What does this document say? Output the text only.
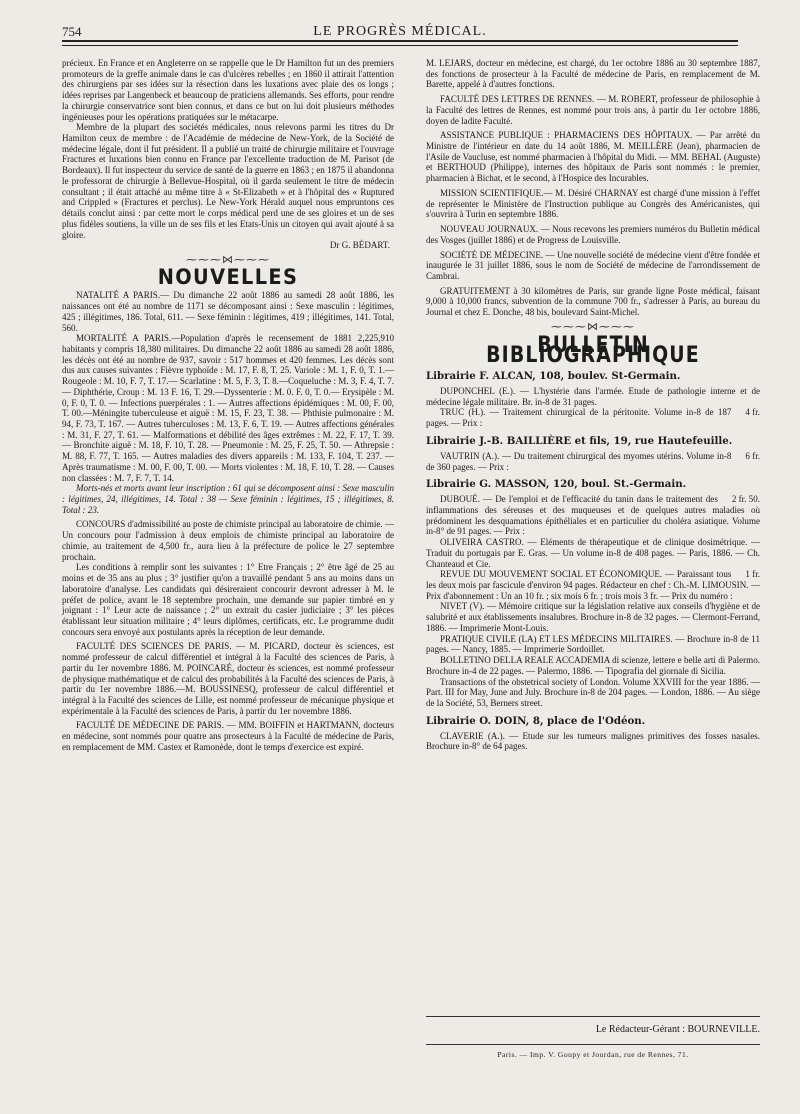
754	LE PROGRÈS MÉDICAL.

précieux. En France et en Angleterre on se rappelle que le Dr Hamilton fut un des premiers promoteurs de la greffe animale dans le cas d'ulcères rebelles ; en 1860 il attirait l'attention des chirurgiens par ses idées sur la résection dans les luxations avec plaie des os longs ; idées reprises par Langenbeck et beaucoup de praticiens allemands. Ses efforts, pour rendre la chirurgie conservatrice sont bien connus, et dans ce but on lui doit plusieurs méthodes ingénieuses pour les opérations pratiquées sur le métacarpe.

Membre de la plupart des sociétés médicales, nous relevons parmi les titres du Dr Hamilton ceux de membre : de l'Académie de médecine de New-York, de la Société de médecine légale, dont il fut président. Il a publié un traité de chirurgie militaire et l'ouvrage Fractures et luxations bien connu en France par l'excellente traduction de M. Parisot (de Bordeaux). Il fut inspecteur du service de santé de la guerre en 1863 ; en 1875 il abandonna le professorat de chirurgie à Bellevue-Hospital, où il garda seulement le titre de médecin consultant ; il était attaché au même titre à « St-Elizabeth » et à l'hôpital des « Ruptured and Crippled » (Fractures et perclus). Le New-York Hérald auquel nous empruntons ces détails conclut ainsi : par cette mort le corps médical perd une de ses gloires et un de ses plus fidèles soutiens, la ville un de ses fils et les Etats-Unis un citoyen qui avait ajouté à sa gloire.

Dr G. BÉDART.

⁓⁓⁓⋈⁓⁓⁓
NOUVELLES

NATALITÉ A PARIS.— Du dimanche 22 août 1886 au samedi 28 août 1886, les naissances ont été au nombre de 1171 se décomposant ainsi : Sexe masculin : légitimes, 425 ; illégitimes, 186. Total, 611. — Sexe féminin : légitimes, 419 ; illégitimes, 141. Total, 560.

MORTALITÉ A PARIS.—Population d'après le recensement de 1881 2,225,910 habitants y compris 18,380 militaires. Du dimanche 22 août 1886 au samedi 28 août 1886, les décès ont été au nombre de 937, savoir : 517 hommes et 420 femmes. Les décès sont dus aux causes suivantes : Fièvre typhoïde : M. 17, F. 8, T. 25. Variole : M. 1, F. 0, T. 1.— Rougeole : M. 10, F. 7, T. 17.— Scarlatine : M. 5, F. 3, T. 8.—Coqueluche : M. 3, F. 4, T. 7. — Diphthérie, Croup : M. 13 F. 16, T. 29.—Dyssenterie : M. 0. F. 0, T. 0.— Erysipèle : M. 0, F. 0, T. 0. — Infections puerpérales : 1. — Autres affections épidémiques : M. 00, F. 00, T. 00.—Méningite tuberculeuse et aiguë : M. 15, F. 23, T. 38. — Phthisie pulmonaire : M. 94, F. 73, T. 167. — Autres tuberculoses : M. 13, F. 6, T. 19. — Autres affections générales : M. 31, F. 27, T. 61. — Malformations et débilité des âges extrêmes : M. 22, F. 17, T. 39. — Bronchite aiguë : M. 18, F. 10, T. 28. — Pneumonie : M. 25, F. 25, T. 50. — Athrepsie : M. 88, F. 77, T. 165. — Autres maladies des divers appareils : M. 133, F. 104, T. 237. — Après traumatisme : M. 00, F. 00, T. 00. — Morts violentes : M. 18, F. 10, T. 28. — Causes non classées : M. 7, F. 7, T. 14.

Morts-nés et morts avant leur inscription : 61 qui se décomposent ainsi : Sexe masculin : légitimes, 24, illégitimes, 14. Total : 38 — Sexe féminin : légitimes, 15 ; illégitimes, 8. Total : 23.

CONCOURS d'admissibilité au poste de chimiste principal au laboratoire de chimie. — Un concours pour l'admission à deux emplois de chimiste principal au laboratoire de chimie, au traitement de 4,500 fr., aura lieu à la préfecture de police le 27 septembre prochain.

Les conditions à remplir sont les suivantes : 1° Etre Français ; 2° être âgé de 25 au moins et de 35 ans au plus ; 3° justifier qu'on a travaillé pendant 5 ans au moins dans un laboratoire d'analyse. Les candidats qui désireraient concourir devront adresser à M. le préfet de police, avant le 18 septembre prochain, une demande sur papier timbré en y joignant : 1° Leur acte de naissance ; 2° un extrait du casier judiciaire ; 3° les pièces établissant leur situation militaire ; 4° leurs diplômes, certificats, etc. Le programme dudit concours sera envoyé aux postulants après la réception de leur demande.

FACULTÉ DES SCIENCES DE PARIS. — M. PICARD, docteur ès sciences, est nommé professeur de calcul différentiel et intégral à la Faculté des sciences de Paris, à partir du 1er novembre 1886. M. POINCARÉ, docteur ès sciences, est nommé professeur de physique mathématique et de calcul des probabilités à la Faculté des sciences de Paris, à partir du 1er novembre 1886.—M. BOUSSINESQ, professeur de calcul différentiel et intégral à la Faculté des sciences de Lille, est nommé professeur de mécanique physique et expérimentale à la Faculté des sciences de Paris, à partir du 1er novembre 1886.

FACULTÉ DE MÉDECINE DE PARIS. — MM. BOIFFIN et HARTMANN, docteurs en médecine, sont nommés pour quatre ans prosecteurs à la Faculté de médecine de Paris, en remplacement de MM. Castex et Ramonède, dont le temps d'exercice est expiré.

M. LEJARS, docteur en médecine, est chargé, du 1er octobre 1886 au 30 septembre 1887, des fonctions de prosecteur à la Faculté de médecine de Paris, en remplacement de M. Barette, appelé à d'autres fonctions.

FACULTÉ DES LETTRES DE RENNES. — M. ROBERT, professeur de philosophie à la Faculté des lettres de Rennes, est nommé pour trois ans, à partir du 1er octobre 1886, doyen de ladite Faculté.

ASSISTANCE PUBLIQUE : PHARMACIENS DES HÔPITAUX. — Par arrêté du Ministre de l'intérieur en date du 14 août 1886, M. MEILLÈRE (Jean), pharmacien de l'Asile de Vaucluse, est nommé pharmacien à l'hôpital du Midi. — MM. BEHAL (Auguste) et BERTHOUD (Philippe), internes des hôpitaux de Paris sont nommés : le premier, pharmacien à Bichat, et le second, à l'Hospice des Incurables.

MISSION SCIENTIFIQUE.— M. Désiré CHARNAY est chargé d'une mission à l'effet de représenter le Ministère de l'Instruction publique au Congrès des Américanistes, qui s'ouvrira à Turin en septembre 1886.

NOUVEAU JOURNAUX. — Nous recevons les premiers numéros du Bulletin médical des Vosges (juillet 1886) et de Progress de Louisville.

SOCIÉTÉ DE MÉDECINE. — Une nouvelle société de médecine vient d'être fondée et inaugurée le 31 juillet 1886, sous le nom de Société de médecine de l'arrondissement de Cambrai.

GRATUITEMENT à 30 kilomètres de Paris, sur grande ligne Poste médical, faisant 9,000 à 10,000 francs, subvention de la commune 700 fr., s'adresser à Paris, au bureau du Journal et chez E. Donche, 48 bis, boulevard Saint-Michel.

⁓⁓⁓⋈⁓⁓⁓
BULLETIN BIBLIOGRAPHIQUE
Librairie F. ALCAN, 108, boulev. St-Germain.

DUPONCHEL (E.). — L'hystérie dans l'armée. Etude de pathologie interne et de médecine légale militaire. Br. in-8 de 31 pages.

4 fr.
TRUC (H.). — Traitement chirurgical de la péritonite. Volume in-8 de 187 pages. — Prix :

Librairie J.-B. BAILLIÈRE et fils, 19, rue Hautefeuille.

6 fr.
VAUTRIN (A.). — Du traitement chirurgical des myomes utérins. Volume in-8 de 360 pages. — Prix :

Librairie G. MASSON, 120, boul. St.-Germain.

2 fr. 50.
DUBOUÉ. — De l'emploi et de l'efficacité du tanin dans le traitement des inflammations des séreuses et des muqueuses et de quelques autres maladies où prédominent les desquamations épithéliales et en particulier du choléra asiatique. Volume in-8° de 91 pages. — Prix :

OLIVEIRA CASTRO. — Eléments de thérapeutique et de clinique dosimétrique. — Traduit du portugais par E. Gras. — Un volume in-8 de 408 pages. — Paris, 1886. — Ch. Chanteaud et Cie.

1 fr.
REVUE DU MOUVEMENT SOCIAL ET ÉCONOMIQUE. — Paraissant tous les deux mois par fascicule d'environ 94 pages. Rédacteur en chef : Ch.-M. LIMOUSIN. — Prix d'abonnement : Un an 10 fr. ; six mois 6 fr. ; trois mois 3 fr. — Prix du numéro :

NIVET (V). — Mémoire critique sur la législation relative aux conseils d'hygiène et de salubrité et aux établissements insalubres. Brochure in-8 de 32 pages. — Clermont-Ferrand, 1886. — Imprimerie Mont-Louis.

PRATIQUE CIVILE (LA) ET LES MÉDECINS MILITAIRES. — Brochure in-8 de 11 pages. — Nancy, 1885. — Imprimerie Sordoillet.

BOLLETINO DELLA REALE ACCADEMIA di scienze, lettere e belle arti di Palermo. Brochure in-4 de 22 pages. — Palermo, 1886. — Tipografia del giornale di Sicilia.

Transactions of the obstetrical society of London. Volume XXVIII for the year 1886. — Part. III for May, June and July. Brochure in-8 de 204 pages. — London, 1886. — Au siège de la Société, 53, Berners street.

Librairie O. DOIN, 8, place de l'Odéon.

CLAVERIE (A.). — Etude sur les tumeurs malignes primitives des fosses nasales. Brochure in-8° de 64 pages.

Le Rédacteur-Gérant : BOURNEVILLE.
Paris. — Imp. V. Goupy et Jourdan, rue de Rennes, 71.
